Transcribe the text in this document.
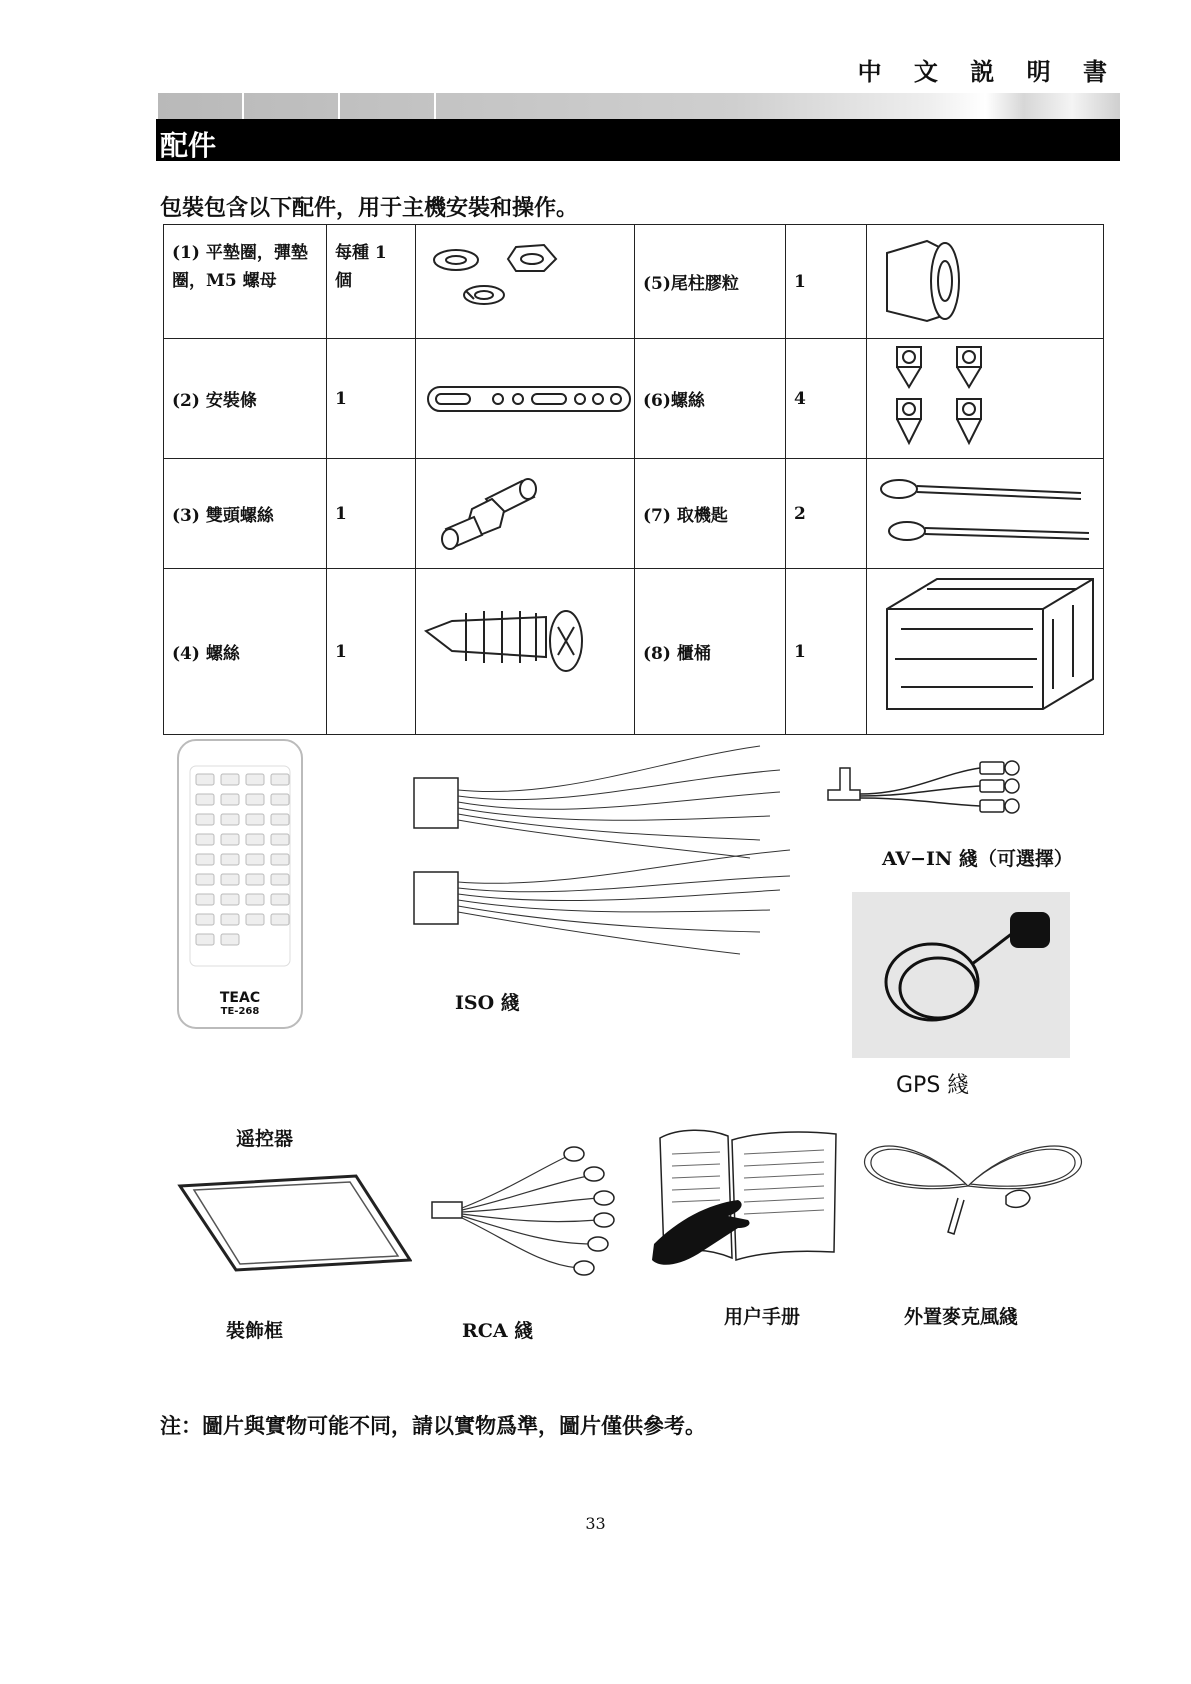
中 文 説 明 書
配件
包裝包含以下配件，用于主機安裝和操作。
(1) 平墊圈，彈墊圈，M5 螺母	每種 1 個		(5)尾柱膠粒	1	
(2) 安裝條	1		(6)螺絲	4	
(3) 雙頭螺絲	1		(7) 取機匙	2	
(4) 螺絲	1		(8) 櫃桶	1	
TEAC
TE-268
遥控器
ISO 綫
AV−IN 綫（可選擇）
GPS 綫
裝飾框	RCA 綫
用户手册	外置麥克風綫
注：圖片與實物可能不同，請以實物爲準，圖片僅供參考。
33
